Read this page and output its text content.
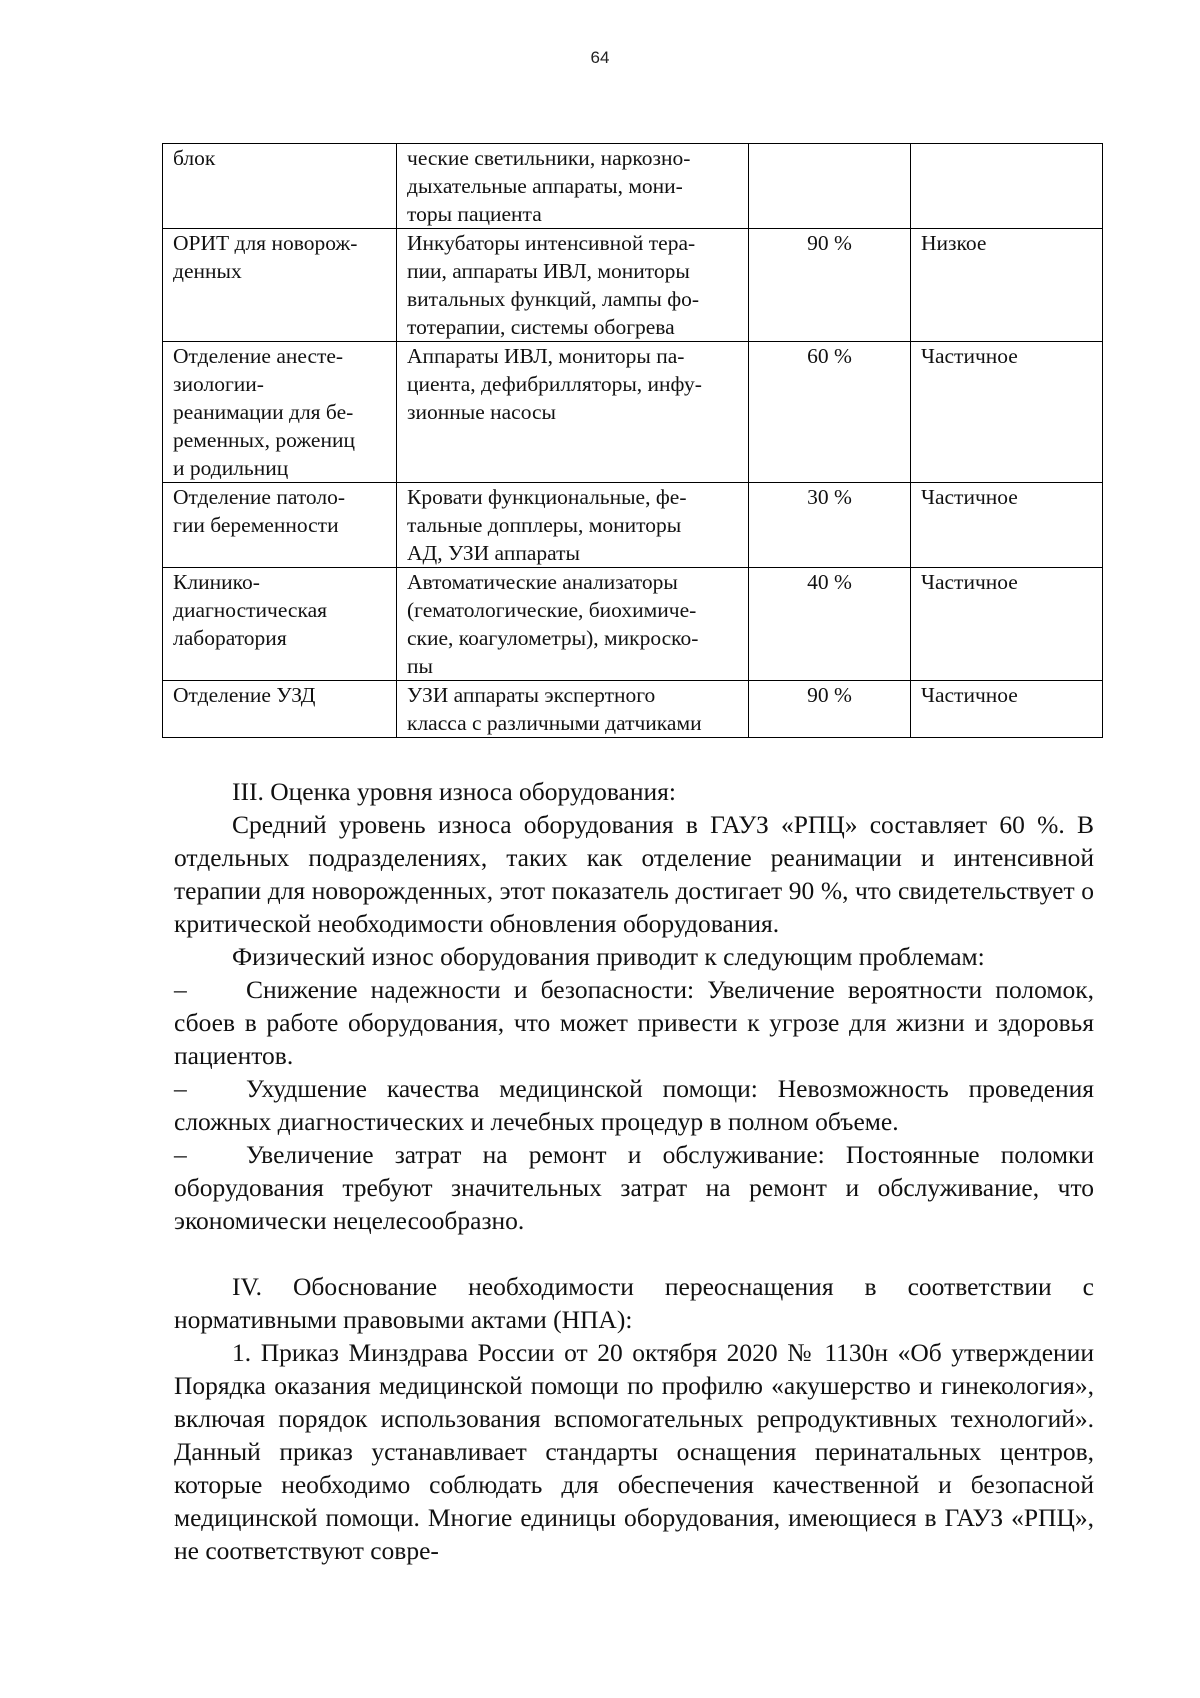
64
блок	ческие светильники, наркозно-
дыхательные аппараты, мони-
торы пациента		

ОРИТ для новорож-
денных	Инкубаторы интенсивной тера-
пии, аппараты ИВЛ, мониторы
витальных функций, лампы фо-
тотерапии, системы обогрева	90 %	Низкое

Отделение анесте-
зиологии-
реанимации для бе-
ременных, рожениц
и родильниц	Аппараты ИВЛ, мониторы па-
циента, дефибрилляторы, инфу-
зионные насосы	60 %	Частичное

Отделение патоло-
гии беременности	Кровати функциональные, фе-
тальные допплеры, мониторы
АД, УЗИ аппараты	30 %	Частичное

Клинико-
диагностическая
лаборатория	Автоматические анализаторы
(гематологические, биохимиче-
ские, коагулометры), микроско-
пы	40 %	Частичное

Отделение УЗД	УЗИ аппараты экспертного
класса с различными датчиками	90 %	Частичное

III. Оценка уровня износа оборудования:

Средний уровень износа оборудования в ГАУЗ «РПЦ» составляет 60 %. В отдельных подразделениях, таких как отделение реанимации и интенсивной терапии для новорожденных, этот показатель достигает 90 %, что свидетельствует о критической необходимости обновления оборудования.

Физический износ оборудования приводит к следующим проблемам:

– Снижение надежности и безопасности: Увеличение вероятности поломок, сбоев в работе оборудования, что может привести к угрозе для жизни и здоровья пациентов.

– Ухудшение качества медицинской помощи: Невозможность проведения сложных диагностических и лечебных процедур в полном объеме.

– Увеличение затрат на ремонт и обслуживание: Постоянные поломки оборудования требуют значительных затрат на ремонт и обслуживание, что экономически нецелесообразно.

IV. Обоснование необходимости переоснащения в соответствии с нормативными правовыми актами (НПА):

1. Приказ Минздрава России от 20 октября 2020 № 1130н «Об утверждении Порядка оказания медицинской помощи по профилю «акушерство и гинекология», включая порядок использования вспомогательных репродуктивных технологий». Данный приказ устанавливает стандарты оснащения перинатальных центров, которые необходимо соблюдать для обеспечения качественной и безопасной медицинской помощи. Многие единицы оборудования, имеющиеся в ГАУЗ «РПЦ», не соответствуют совре-
